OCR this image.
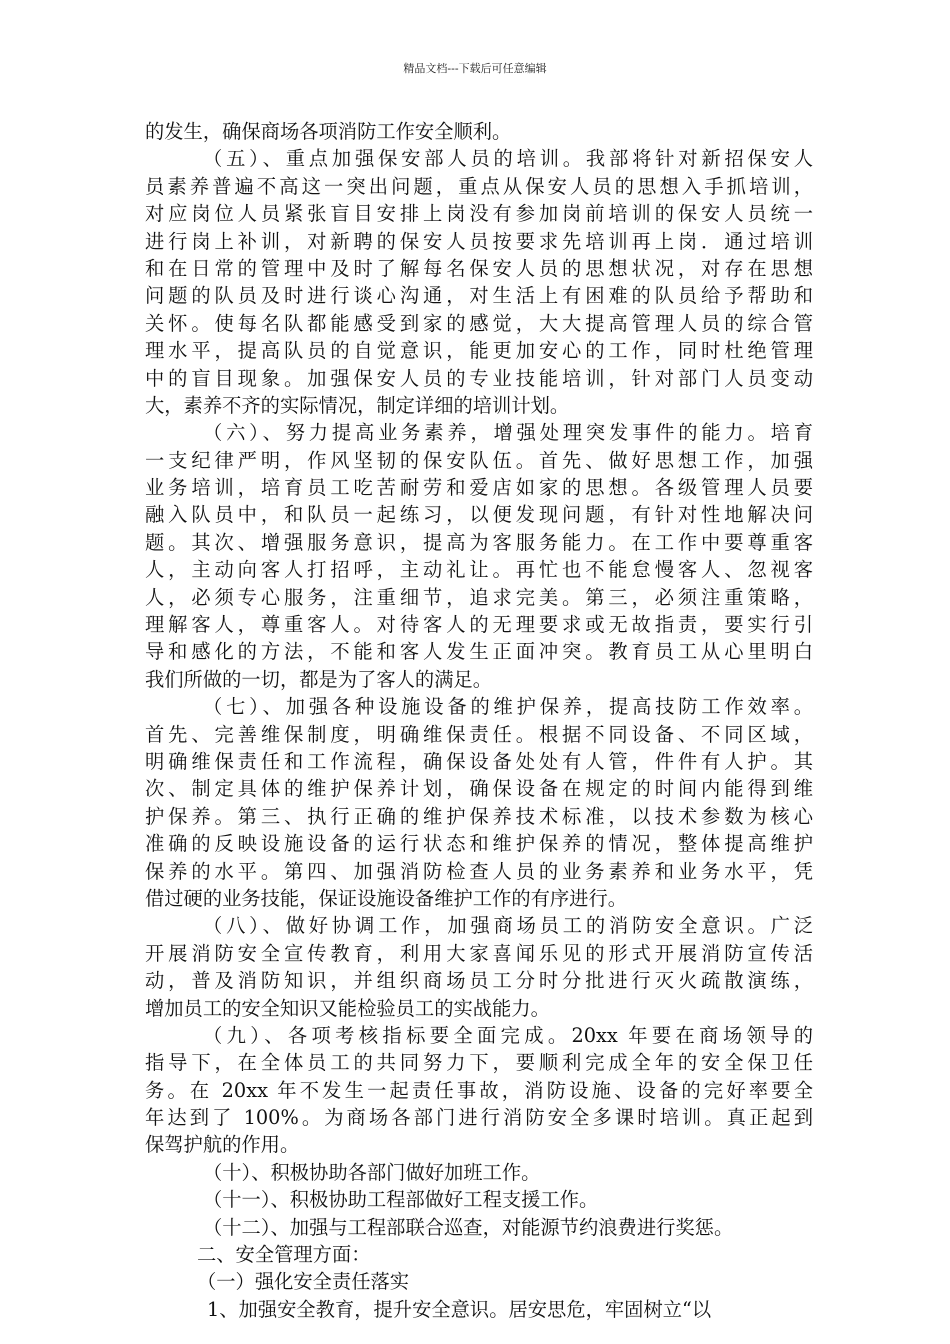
精品文档---下载后可任意编辑
的发生，确保商场各项消防工作安全顺利。
（五）、重点加强保安部人员的培训。我部将针对新招保安人
员素养普遍不高这一突出问题，重点从保安人员的思想入手抓培训，
对应岗位人员紧张盲目安排上岗没有参加岗前培训的保安人员统一
进行岗上补训，对新聘的保安人员按要求先培训再上岗．通过培训
和在日常的管理中及时了解每名保安人员的思想状况，对存在思想
问题的队员及时进行谈心沟通，对生活上有困难的队员给予帮助和
关怀。使每名队都能感受到家的感觉，大大提高管理人员的综合管
理水平，提高队员的自觉意识，能更加安心的工作，同时杜绝管理
中的盲目现象。加强保安人员的专业技能培训，针对部门人员变动
大，素养不齐的实际情况，制定详细的培训计划。
（六）、努力提高业务素养，增强处理突发事件的能力。培育
一支纪律严明，作风坚韧的保安队伍。首先、做好思想工作，加强
业务培训，培育员工吃苦耐劳和爱店如家的思想。各级管理人员要
融入队员中，和队员一起练习，以便发现问题，有针对性地解决问
题。其次、增强服务意识，提高为客服务能力。在工作中要尊重客
人，主动向客人打招呼，主动礼让。再忙也不能怠慢客人、忽视客
人，必须专心服务，注重细节，追求完美。第三，必须注重策略，
理解客人，尊重客人。对待客人的无理要求或无故指责，要实行引
导和感化的方法，不能和客人发生正面冲突。教育员工从心里明白
我们所做的一切，都是为了客人的满足。
（七）、加强各种设施设备的维护保养，提高技防工作效率。
首先、完善维保制度，明确维保责任。根据不同设备、不同区域，
明确维保责任和工作流程，确保设备处处有人管，件件有人护。其
次、制定具体的维护保养计划，确保设备在规定的时间内能得到维
护保养。第三、执行正确的维护保养技术标准，以技术参数为核心
准确的反映设施设备的运行状态和维护保养的情况，整体提高维护
保养的水平。第四、加强消防检查人员的业务素养和业务水平，凭
借过硬的业务技能，保证设施设备维护工作的有序进行。
（八）、做好协调工作，加强商场员工的消防安全意识。广泛
开展消防安全宣传教育，利用大家喜闻乐见的形式开展消防宣传活
动，普及消防知识，并组织商场员工分时分批进行灭火疏散演练，
增加员工的安全知识又能检验员工的实战能力。
（九）、各项考核指标要全面完成。20xx 年要在商场领导的
指导下，在全体员工的共同努力下，要顺利完成全年的安全保卫任
务。在 20xx 年不发生一起责任事故，消防设施、设备的完好率要全
年达到了 100%。为商场各部门进行消防安全多课时培训。真正起到
保驾护航的作用。
（十）、积极协助各部门做好加班工作。
（十一）、积极协助工程部做好工程支援工作。
（十二）、加强与工程部联合巡查，对能源节约浪费进行奖惩。
二、安全管理方面：
（一）强化安全责任落实
1、加强安全教育，提升安全意识。居安思危，牢固树立“以
